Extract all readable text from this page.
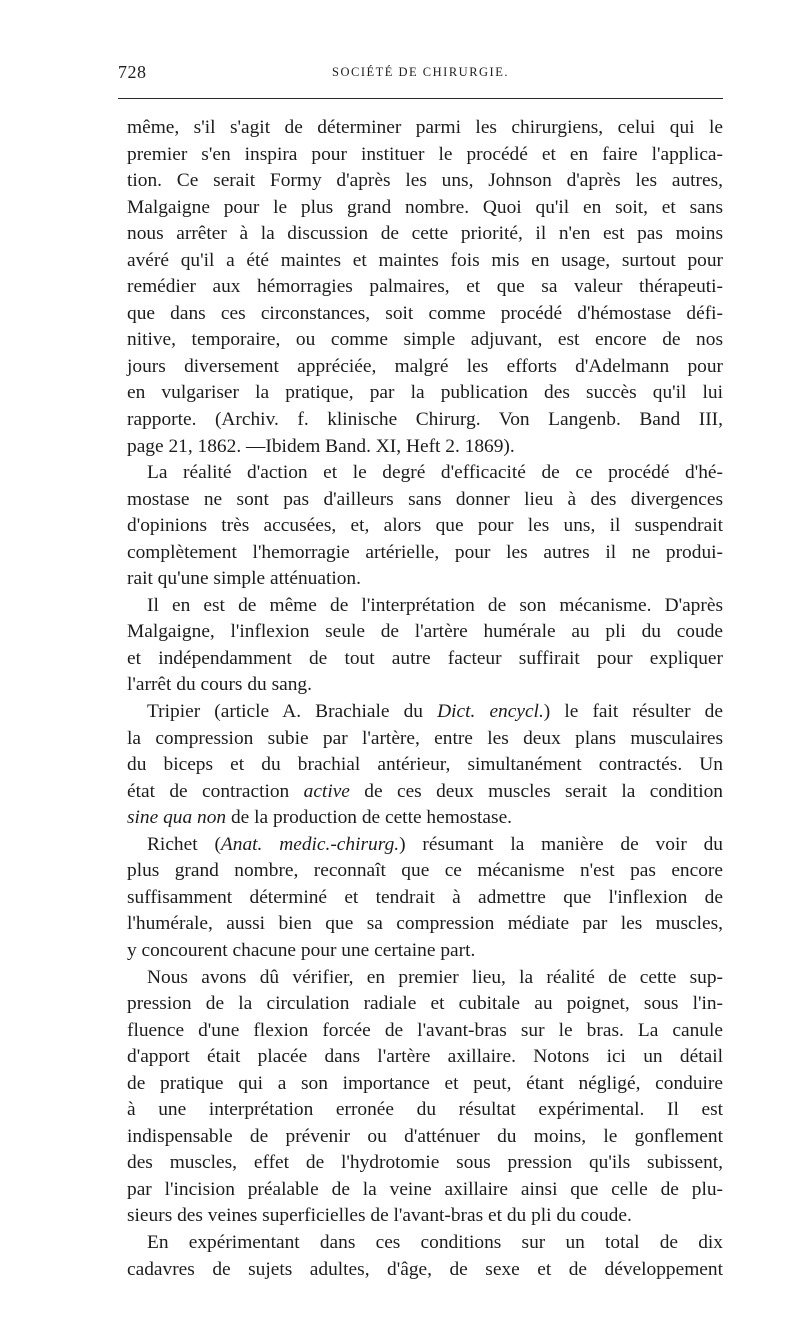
728	SOCIÉTÉ DE CHIRURGIE.
même, s'il s'agit de déterminer parmi les chirurgiens, celui qui le
premier s'en inspira pour instituer le procédé et en faire l'applica-
tion. Ce serait Formy d'après les uns, Johnson d'après les autres,
Malgaigne pour le plus grand nombre. Quoi qu'il en soit, et sans
nous arrêter à la discussion de cette priorité, il n'en est pas moins
avéré qu'il a été maintes et maintes fois mis en usage, surtout pour
remédier aux hémorragies palmaires, et que sa valeur thérapeuti-
que dans ces circonstances, soit comme procédé d'hémostase défi-
nitive, temporaire, ou comme simple adjuvant, est encore de nos
jours diversement appréciée, malgré les efforts d'Adelmann pour
en vulgariser la pratique, par la publication des succès qu'il lui
rapporte. (Archiv. f. klinische Chirurg. Von Langenb. Band III,
page 21, 1862. —Ibidem Band. XI, Heft 2. 1869).
La réalité d'action et le degré d'efficacité de ce procédé d'hé-
mostase ne sont pas d'ailleurs sans donner lieu à des divergences
d'opinions très accusées, et, alors que pour les uns, il suspendrait
complètement l'hemorragie artérielle, pour les autres il ne produi-
rait qu'une simple atténuation.
Il en est de même de l'interprétation de son mécanisme. D'après
Malgaigne, l'inflexion seule de l'artère humérale au pli du coude
et indépendamment de tout autre facteur suffirait pour expliquer
l'arrêt du cours du sang.
Tripier (article A. Brachiale du Dict. encycl.) le fait résulter de
la compression subie par l'artère, entre les deux plans musculaires
du biceps et du brachial antérieur, simultanément contractés. Un
état de contraction active de ces deux muscles serait la condition
sine qua non de la production de cette hemostase.
Richet (Anat. medic.-chirurg.) résumant la manière de voir du
plus grand nombre, reconnaît que ce mécanisme n'est pas encore
suffisamment déterminé et tendrait à admettre que l'inflexion de
l'humérale, aussi bien que sa compression médiate par les muscles,
y concourent chacune pour une certaine part.
Nous avons dû vérifier, en premier lieu, la réalité de cette sup-
pression de la circulation radiale et cubitale au poignet, sous l'in-
fluence d'une flexion forcée de l'avant-bras sur le bras. La canule
d'apport était placée dans l'artère axillaire. Notons ici un détail
de pratique qui a son importance et peut, étant négligé, conduire
à une interprétation erronée du résultat expérimental. Il est
indispensable de prévenir ou d'atténuer du moins, le gonflement
des muscles, effet de l'hydrotomie sous pression qu'ils subissent,
par l'incision préalable de la veine axillaire ainsi que celle de plu-
sieurs des veines superficielles de l'avant-bras et du pli du coude.
En expérimentant dans ces conditions sur un total de dix
cadavres de sujets adultes, d'âge, de sexe et de développement
